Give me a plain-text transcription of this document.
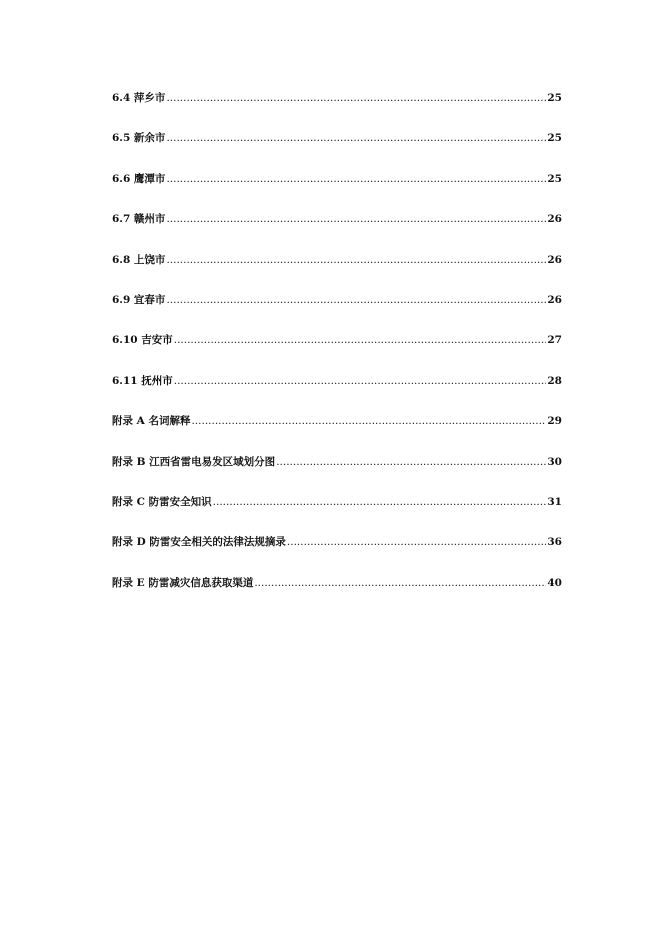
6.4 萍乡市 .....	25
6.5 新余市 .....	25
6.6 鹰潭市 .....	25
6.7 赣州市 .....	26
6.8 上饶市 .....	26
6.9 宜春市 .....	26
6.10 吉安市 .....	27
6.11 抚州市 .....	28
附录 A 名词解释 .....	29
附录 B 江西省雷电易发区域划分图 .....	30
附录 C 防雷安全知识 .....	31
附录 D 防雷安全相关的法律法规摘录 .....	36
附录 E 防雷减灾信息获取渠道 .....	40
